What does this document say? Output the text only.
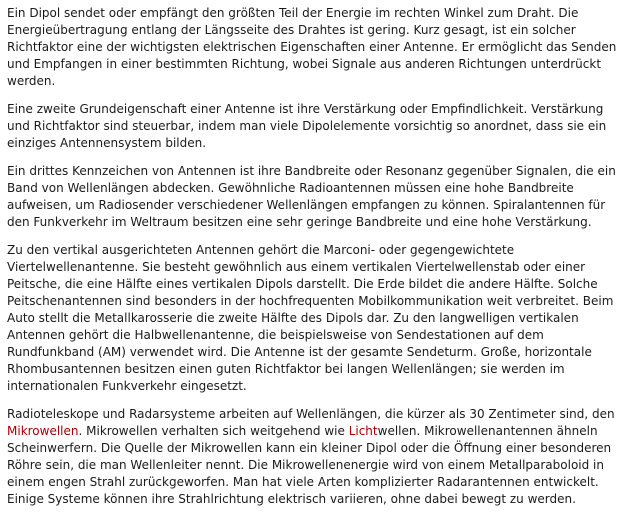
Ein Dipol sendet oder empfängt den größten Teil der Energie im rechten Winkel zum Draht. Die Energieübertragung entlang der Längsseite des Drahtes ist gering. Kurz gesagt, ist ein solcher Richtfaktor eine der wichtigsten elektrischen Eigenschaften einer Antenne. Er ermöglicht das Senden und Empfangen in einer bestimmten Richtung, wobei Signale aus anderen Richtungen unterdrückt werden.

Eine zweite Grundeigenschaft einer Antenne ist ihre Verstärkung oder Empfindlichkeit. Verstärkung und Richtfaktor sind steuerbar, indem man viele Dipolelemente vorsichtig so anordnet, dass sie ein einziges Antennensystem bilden.

Ein drittes Kennzeichen von Antennen ist ihre Bandbreite oder Resonanz gegenüber Signalen, die ein Band von Wellenlängen abdecken. Gewöhnliche Radioantennen müssen eine hohe Bandbreite aufweisen, um Radiosender verschiedener Wellenlängen empfangen zu können. Spiralantennen für den Funkverkehr im Weltraum besitzen eine sehr geringe Bandbreite und eine hohe Verstärkung.

Zu den vertikal ausgerichteten Antennen gehört die Marconi- oder gegengewichtete Viertelwellenantenne. Sie besteht gewöhnlich aus einem vertikalen Viertelwellenstab oder einer Peitsche, die eine Hälfte eines vertikalen Dipols darstellt. Die Erde bildet die andere Hälfte. Solche Peitschenantennen sind besonders in der hochfrequenten Mobilkommunikation weit verbreitet. Beim Auto stellt die Metallkarosserie die zweite Hälfte des Dipols dar. Zu den langwelligen vertikalen Antennen gehört die Halbwellenantenne, die beispielsweise von Sendestationen auf dem Rundfunkband (AM) verwendet wird. Die Antenne ist der gesamte Sendeturm. Große, horizontale Rhombusantennen besitzen einen guten Richtfaktor bei langen Wellenlängen; sie werden im internationalen Funkverkehr eingesetzt.

Radioteleskope und Radarsysteme arbeiten auf Wellenlängen, die kürzer als 30 Zentimeter sind, den Mikrowellen. Mikrowellen verhalten sich weitgehend wie Lichtwellen. Mikrowellenantennen ähneln Scheinwerfern. Die Quelle der Mikrowellen kann ein kleiner Dipol oder die Öffnung einer besonderen Röhre sein, die man Wellenleiter nennt. Die Mikrowellenenergie wird von einem Metallparaboloid in einem engen Strahl zurückgeworfen. Man hat viele Arten komplizierter Radarantennen entwickelt. Einige Systeme können ihre Strahlrichtung elektrisch variieren, ohne dabei bewegt zu werden.
